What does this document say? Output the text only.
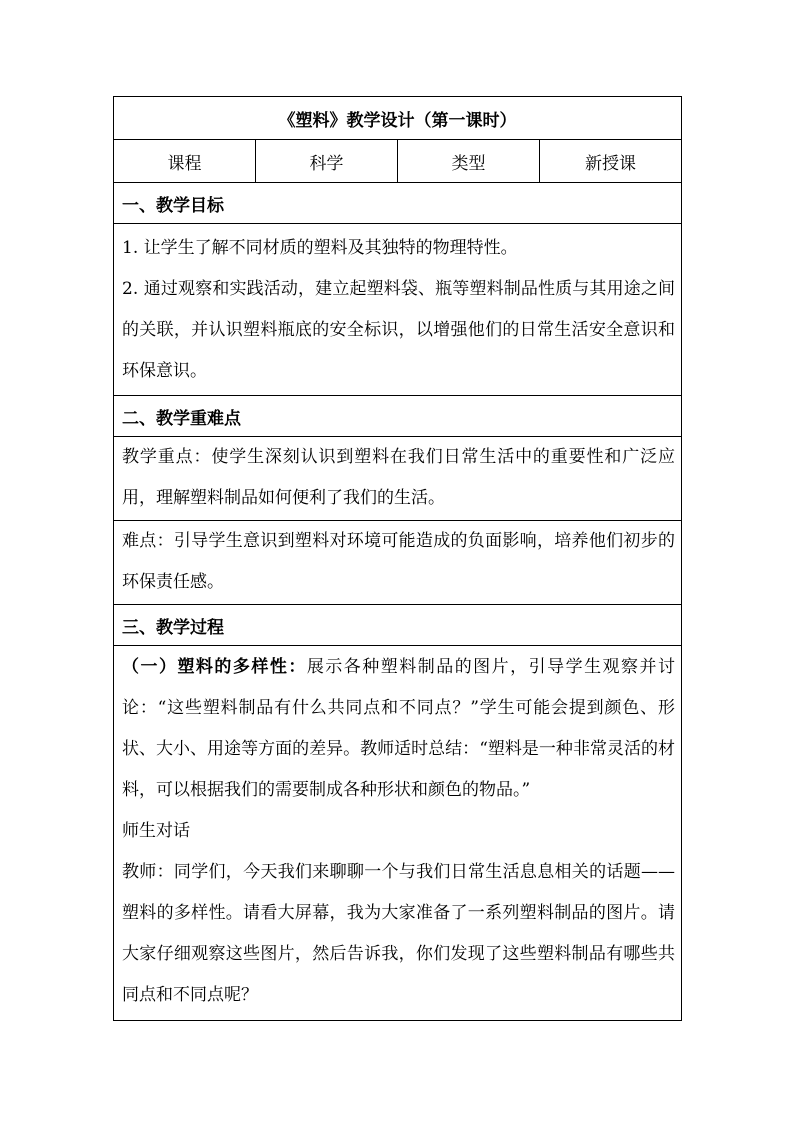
《塑料》教学设计（第一课时）
课程	科学	类型	新授课
一、教学目标

1. 让学生了解不同材质的塑料及其独特的物理特性。

2. 通过观察和实践活动，建立起塑料袋、瓶等塑料制品性质与其用途之间的关联，并认识塑料瓶底的安全标识，以增强他们的日常生活安全意识和环保意识。

二、教学重难点

教学重点：使学生深刻认识到塑料在我们日常生活中的重要性和广泛应用，理解塑料制品如何便利了我们的生活。

难点：引导学生意识到塑料对环境可能造成的负面影响，培养他们初步的环保责任感。

三、教学过程

（一）塑料的多样性：展示各种塑料制品的图片，引导学生观察并讨论：“这些塑料制品有什么共同点和不同点？”学生可能会提到颜色、形状、大小、用途等方面的差异。教师适时总结：“塑料是一种非常灵活的材料，可以根据我们的需要制成各种形状和颜色的物品。”

师生对话

教师：同学们，今天我们来聊聊一个与我们日常生活息息相关的话题——塑料的多样性。请看大屏幕，我为大家准备了一系列塑料制品的图片。请大家仔细观察这些图片，然后告诉我，你们发现了这些塑料制品有哪些共同点和不同点呢？
